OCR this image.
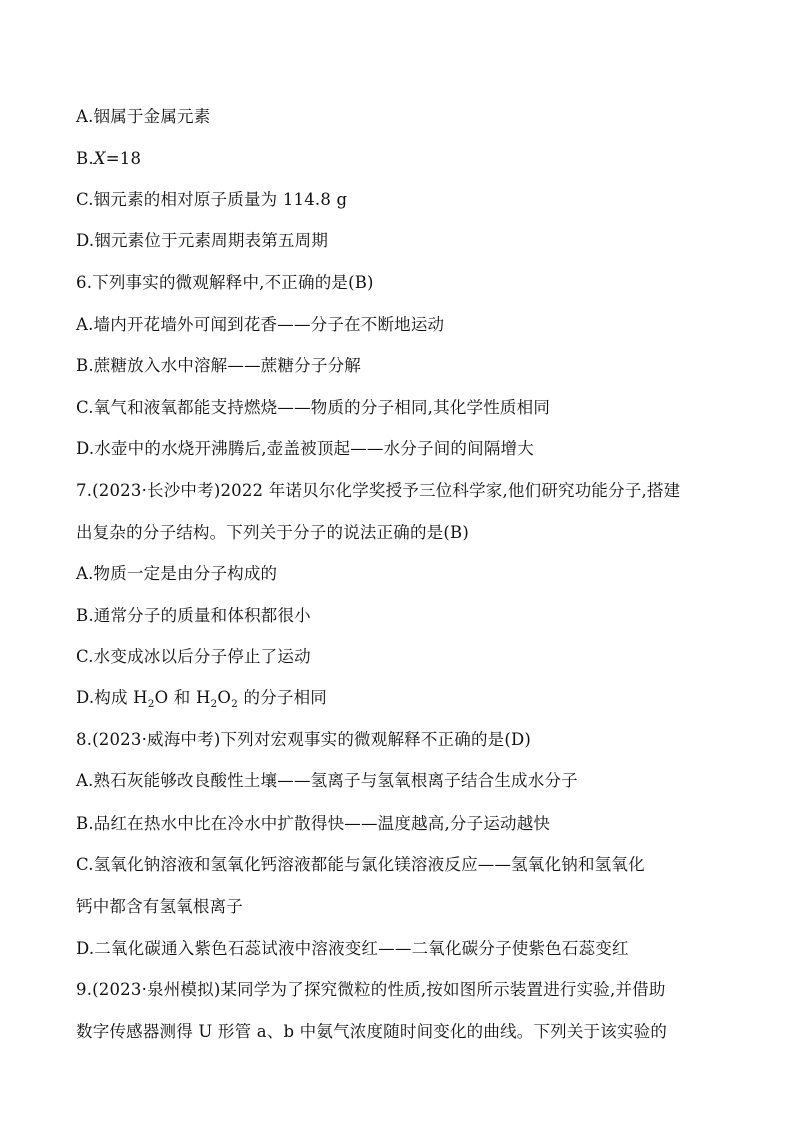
A.铟属于金属元素
B.X=18
C.铟元素的相对原子质量为 114.8 g
D.铟元素位于元素周期表第五周期
6.下列事实的微观解释中,不正确的是(B)
A.墙内开花墙外可闻到花香——分子在不断地运动
B.蔗糖放入水中溶解——蔗糖分子分解
C.氧气和液氧都能支持燃烧——物质的分子相同,其化学性质相同
D.水壶中的水烧开沸腾后,壶盖被顶起——水分子间的间隔增大
7.(2023·长沙中考)2022 年诺贝尔化学奖授予三位科学家,他们研究功能分子,搭建
出复杂的分子结构。下列关于分子的说法正确的是(B)
A.物质一定是由分子构成的
B.通常分子的质量和体积都很小
C.水变成冰以后分子停止了运动
D.构成 $H_2O$ 和 $H_2O_2$ 的分子相同
8.(2023·威海中考)下列对宏观事实的微观解释不正确的是(D)
A.熟石灰能够改良酸性土壤——氢离子与氢氧根离子结合生成水分子
B.品红在热水中比在冷水中扩散得快——温度越高,分子运动越快
C.氢氧化钠溶液和氢氧化钙溶液都能与氯化镁溶液反应——氢氧化钠和氢氧化
钙中都含有氢氧根离子
D.二氧化碳通入紫色石蕊试液中溶液变红——二氧化碳分子使紫色石蕊变红
9.(2023·泉州模拟)某同学为了探究微粒的性质,按如图所示装置进行实验,并借助
数字传感器测得 U 形管 a、b 中氨气浓度随时间变化的曲线。下列关于该实验的
